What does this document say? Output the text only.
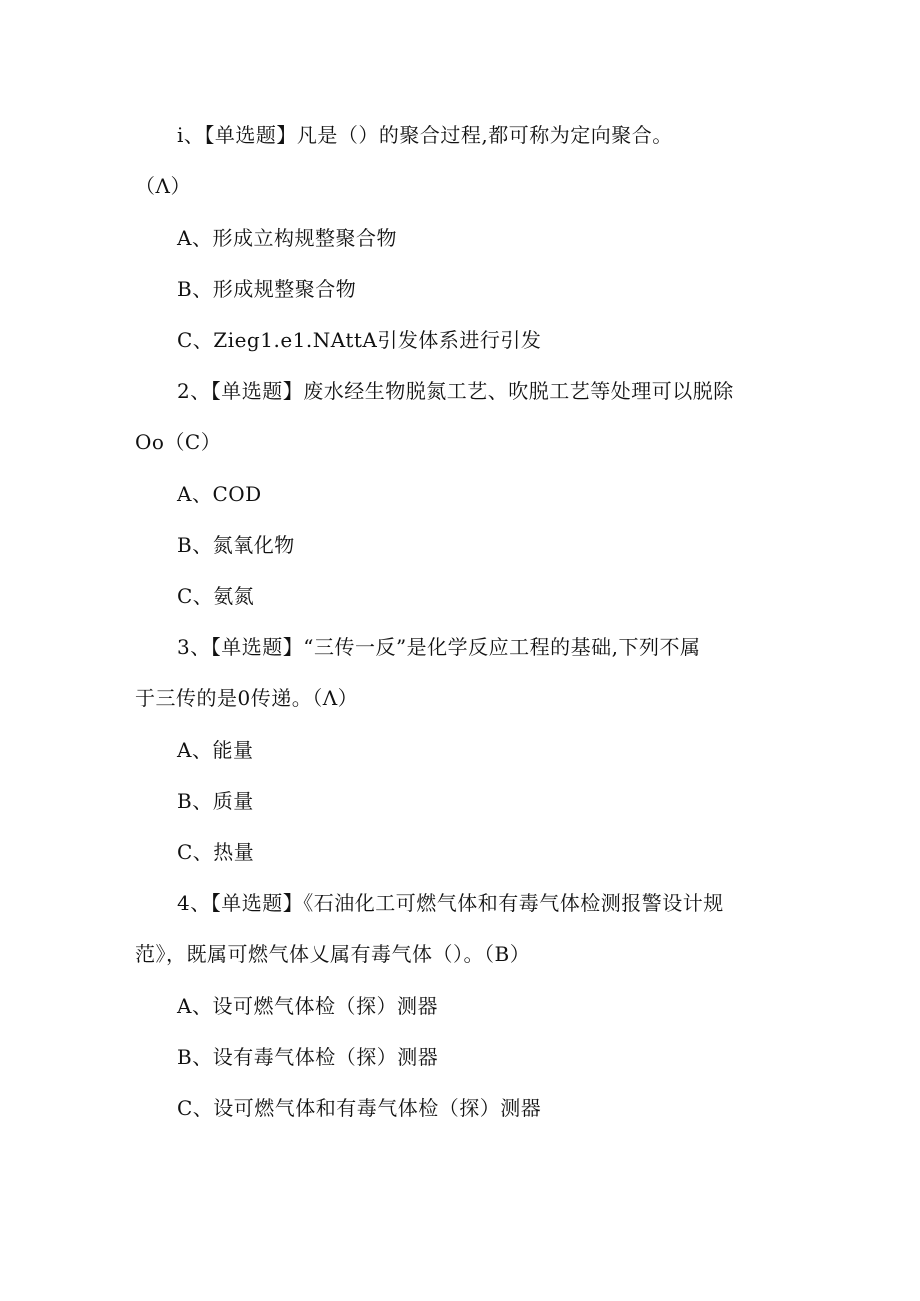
i、【单选题】凡是（）的聚合过程,都可称为定向聚合。
（Λ）
A、形成立构规整聚合物
B、形成规整聚合物
C、Zieg1.e1.NAttA引发体系进行引发
2、【单选题】废水经生物脱氮工艺、吹脱工艺等处理可以脱除
Oo（C）
A、COD
B、氮氧化物
C、氨氮
3、【单选题】“三传一反”是化学反应工程的基础,下列不属
于三传的是0传递。（Λ）
A、能量
B、质量
C、热量
4、【单选题】《石油化工可燃气体和有毒气体检测报警设计规
范》，既属可燃气体乂属有毒气体（）。（B）
A、设可燃气体检（探）测器
B、设有毒气体检（探）测器
C、设可燃气体和有毒气体检（探）测器
